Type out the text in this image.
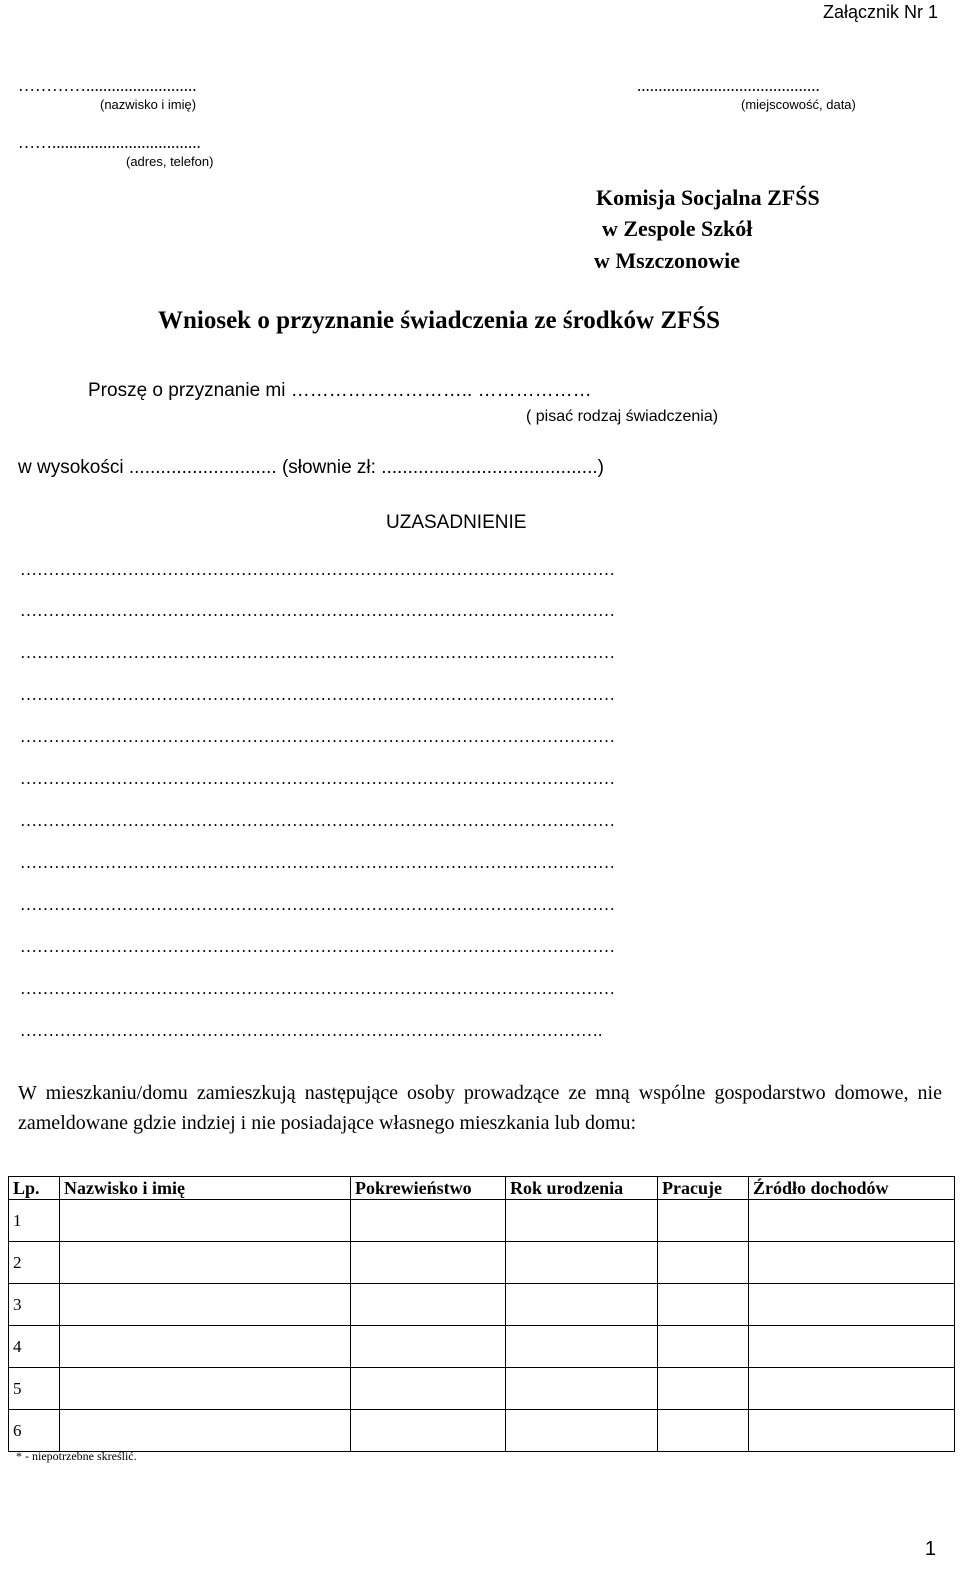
Załącznik Nr 1
…………..........................
(nazwisko i imię)
...........................................
(miejscowość, data)
……...................................
(adres, telefon)
Komisja Socjalna ZFŚS
w Zespole Szkół
w Mszczonowie
Wniosek o przyznanie świadczenia ze środków ZFŚS
Proszę o przyznanie mi ……………………….. ………………
( pisać rodzaj świadczenia)
w wysokości ............................ (słownie zł: .........................................)
UZASADNIENIE
……………………………………………………………………………………………
……………………………………………………………………………………………
……………………………………………………………………………………………
……………………………………………………………………………………………
……………………………………………………………………………………………
……………………………………………………………………………………………
……………………………………………………………………………………………
……………………………………………………………………………………………
……………………………………………………………………………………………
……………………………………………………………………………………………
……………………………………………………………………………………………
………………………………………………………………………………………….
W mieszkaniu/domu zamieszkują następujące osoby prowadzące ze mną wspólne gospodarstwo domowe, nie zameldowane gdzie indziej i nie posiadające własnego mieszkania lub domu:
Lp.	Nazwisko i imię	Pokrewieństwo	Rok urodzenia	Pracuje	Źródło dochodów
1					
2					
3					
4					
5					
6					
* - niepotrzebne skreślić.
1
